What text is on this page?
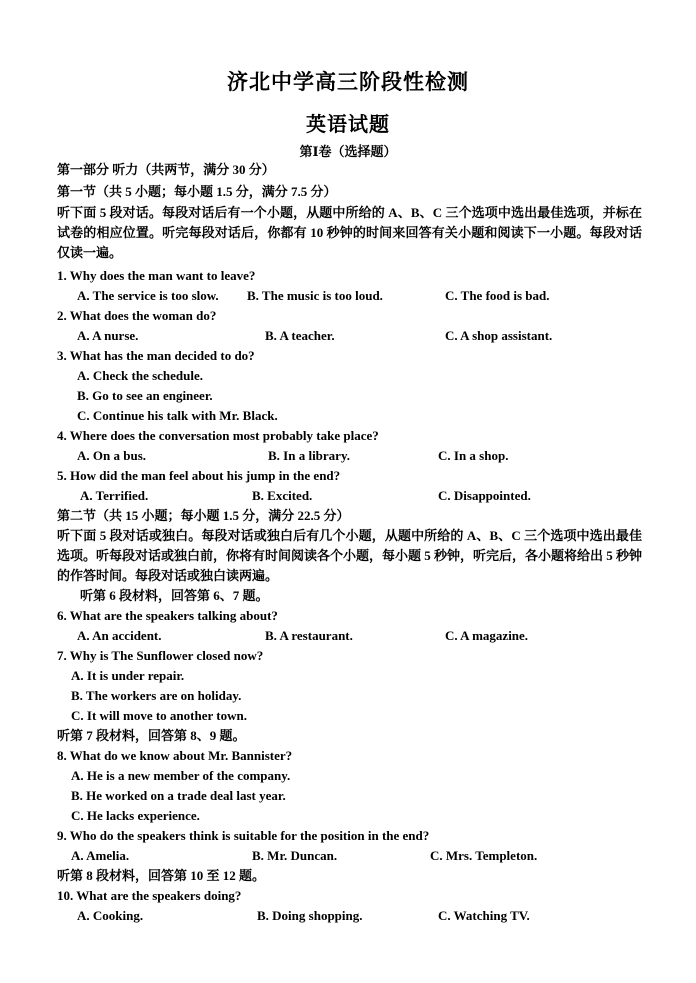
济北中学高三阶段性检测
英语试题
第Ⅰ卷（选择题）
第一部分 听力（共两节，满分 30 分）
第一节（共 5 小题；每小题 1.5 分，满分 7.5 分）
听下面 5 段对话。每段对话后有一个小题，从题中所给的 A、B、C 三个选项中选出最佳选项，并标在试卷的相应位置。听完每段对话后，你都有 10 秒钟的时间来回答有关小题和阅读下一小题。每段对话仅读一遍。
1. Why does the man want to leave?
A. The service is too slow. B. The music is too loud.	C. The food is bad.
2. What does the woman do?
A. A nurse.	B. A teacher.	C. A shop assistant.
3. What has the man decided to do?
A. Check the schedule.
B. Go to see an engineer.
C. Continue his talk with Mr. Black.
4. Where does the conversation most probably take place?
A. On a bus.	B. In a library.	C. In a shop.
5. How did the man feel about his jump in the end?
A. Terrified.	B. Excited.	C. Disappointed.
第二节（共 15 小题；每小题 1.5 分，满分 22.5 分）
听下面 5 段对话或独白。每段对话或独白后有几个小题，从题中所给的 A、B、C 三个选项中选出最佳选项。听每段对话或独白前，你将有时间阅读各个小题，每小题 5 秒钟，听完后，各小题将给出 5 秒钟的作答时间。每段对话或独白读两遍。
听第 6 段材料，回答第 6、7 题。
6. What are the speakers talking about?
A. An accident.	B. A restaurant.	C. A magazine.
7. Why is The Sunflower closed now?
A. It is under repair.
B. The workers are on holiday.
C. It will move to another town.
听第 7 段材料，回答第 8、9 题。
8. What do we know about Mr. Bannister?
A. He is a new member of the company.
B. He worked on a trade deal last year.
C. He lacks experience.
9. Who do the speakers think is suitable for the position in the end?
A. Amelia.	B. Mr. Duncan.	C. Mrs. Templeton.
听第 8 段材料，回答第 10 至 12 题。
10. What are the speakers doing?
A. Cooking.	B. Doing shopping.	C. Watching TV.
